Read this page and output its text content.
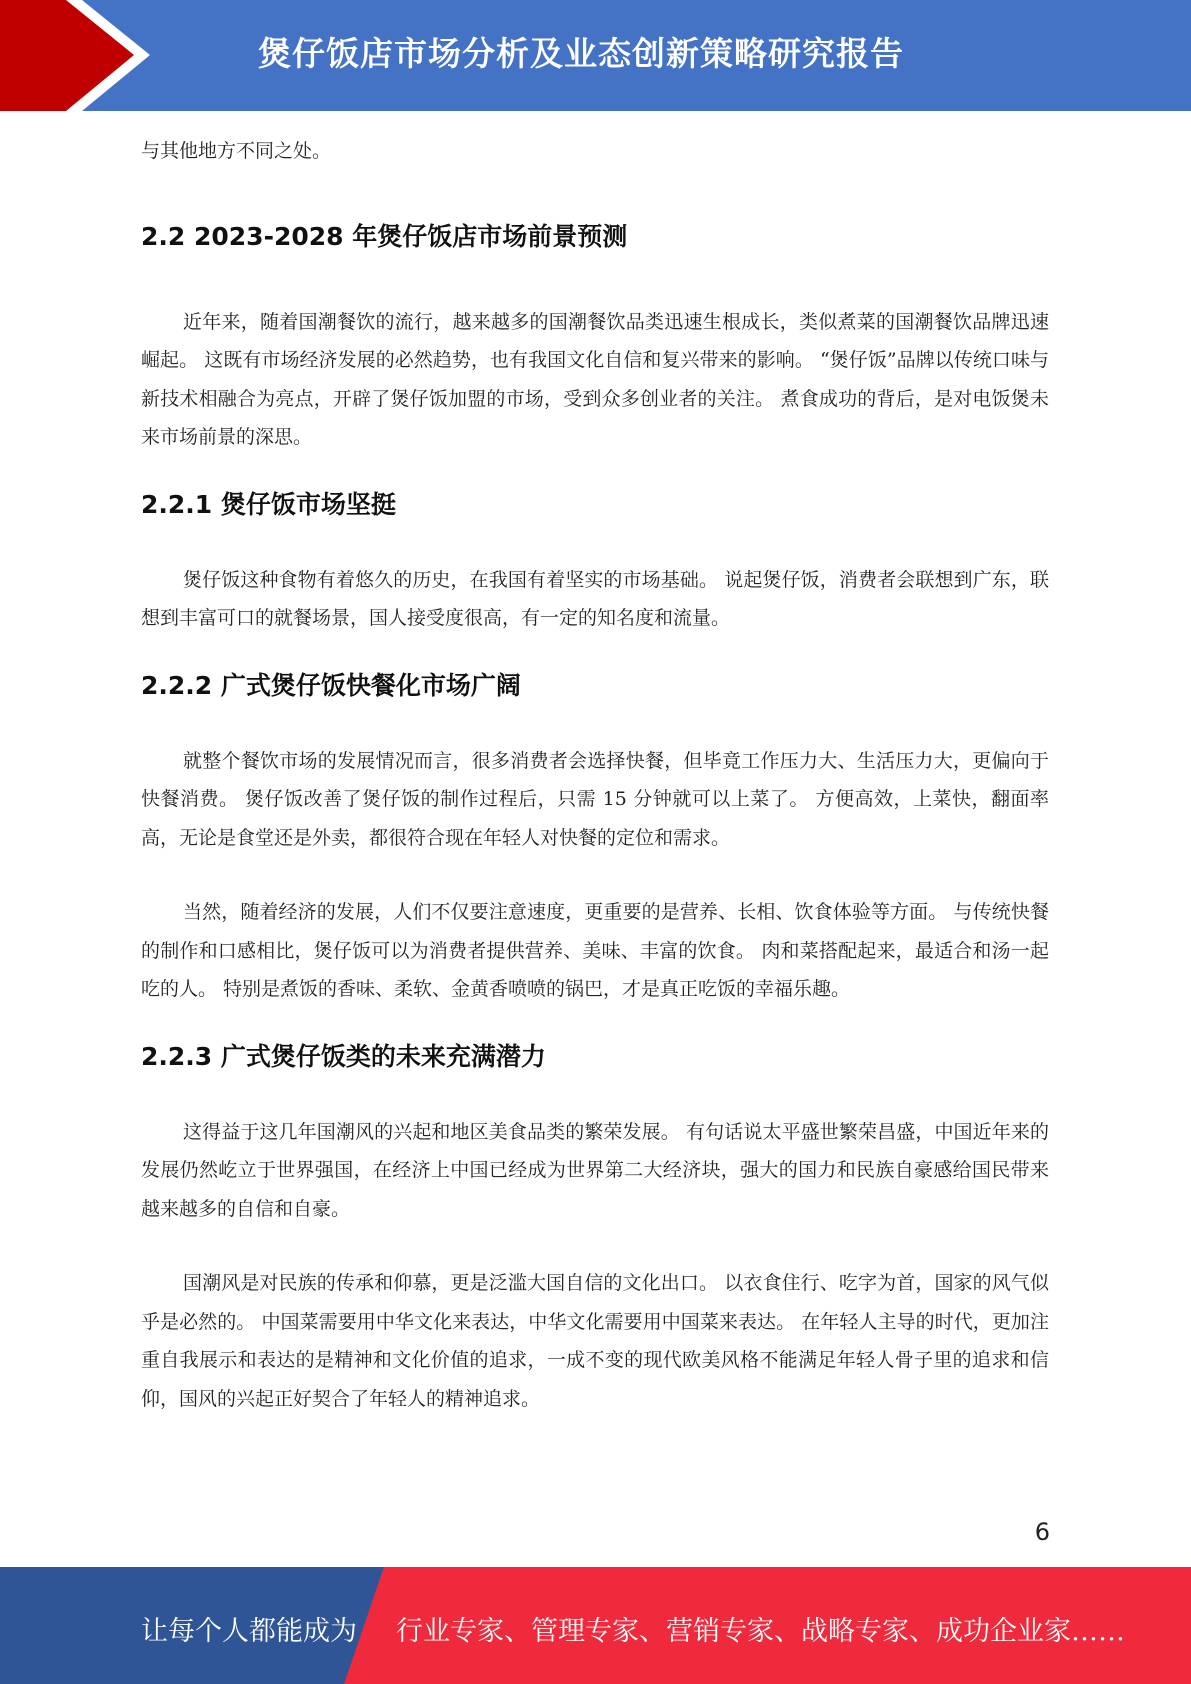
煲仔饭店市场分析及业态创新策略研究报告

与其他地方不同之处。

2.2 2023-2028 年煲仔饭店市场前景预测

近年来，随着国潮餐饮的流行，越来越多的国潮餐饮品类迅速生根成长，类似煮菜的国潮餐饮品牌迅速崛起。 这既有市场经济发展的必然趋势，也有我国文化自信和复兴带来的影响。 “煲仔饭”品牌以传统口味与新技术相融合为亮点，开辟了煲仔饭加盟的市场，受到众多创业者的关注。 煮食成功的背后，是对电饭煲未来市场前景的深思。

2.2.1 煲仔饭市场坚挺

煲仔饭这种食物有着悠久的历史，在我国有着坚实的市场基础。 说起煲仔饭，消费者会联想到广东，联想到丰富可口的就餐场景，国人接受度很高，有一定的知名度和流量。

2.2.2 广式煲仔饭快餐化市场广阔

就整个餐饮市场的发展情况而言，很多消费者会选择快餐，但毕竟工作压力大、生活压力大，更偏向于快餐消费。 煲仔饭改善了煲仔饭的制作过程后，只需 15 分钟就可以上菜了。 方便高效，上菜快，翻面率高，无论是食堂还是外卖，都很符合现在年轻人对快餐的定位和需求。

当然，随着经济的发展，人们不仅要注意速度，更重要的是营养、长相、饮食体验等方面。 与传统快餐的制作和口感相比，煲仔饭可以为消费者提供营养、美味、丰富的饮食。 肉和菜搭配起来，最适合和汤一起吃的人。 特别是煮饭的香味、柔软、金黄香喷喷的锅巴，才是真正吃饭的幸福乐趣。

2.2.3 广式煲仔饭类的未来充满潜力

这得益于这几年国潮风的兴起和地区美食品类的繁荣发展。 有句话说太平盛世繁荣昌盛，中国近年来的发展仍然屹立于世界强国，在经济上中国已经成为世界第二大经济块，强大的国力和民族自豪感给国民带来越来越多的自信和自豪。

国潮风是对民族的传承和仰慕，更是泛滥大国自信的文化出口。 以衣食住行、吃字为首，国家的风气似乎是必然的。 中国菜需要用中华文化来表达，中华文化需要用中国菜来表达。 在年轻人主导的时代，更加注重自我展示和表达的是精神和文化价值的追求，一成不变的现代欧美风格不能满足年轻人骨子里的追求和信仰，国风的兴起正好契合了年轻人的精神追求。

6
让每个人都能成为 行业专家、管理专家、营销专家、战略专家、成功企业家……
